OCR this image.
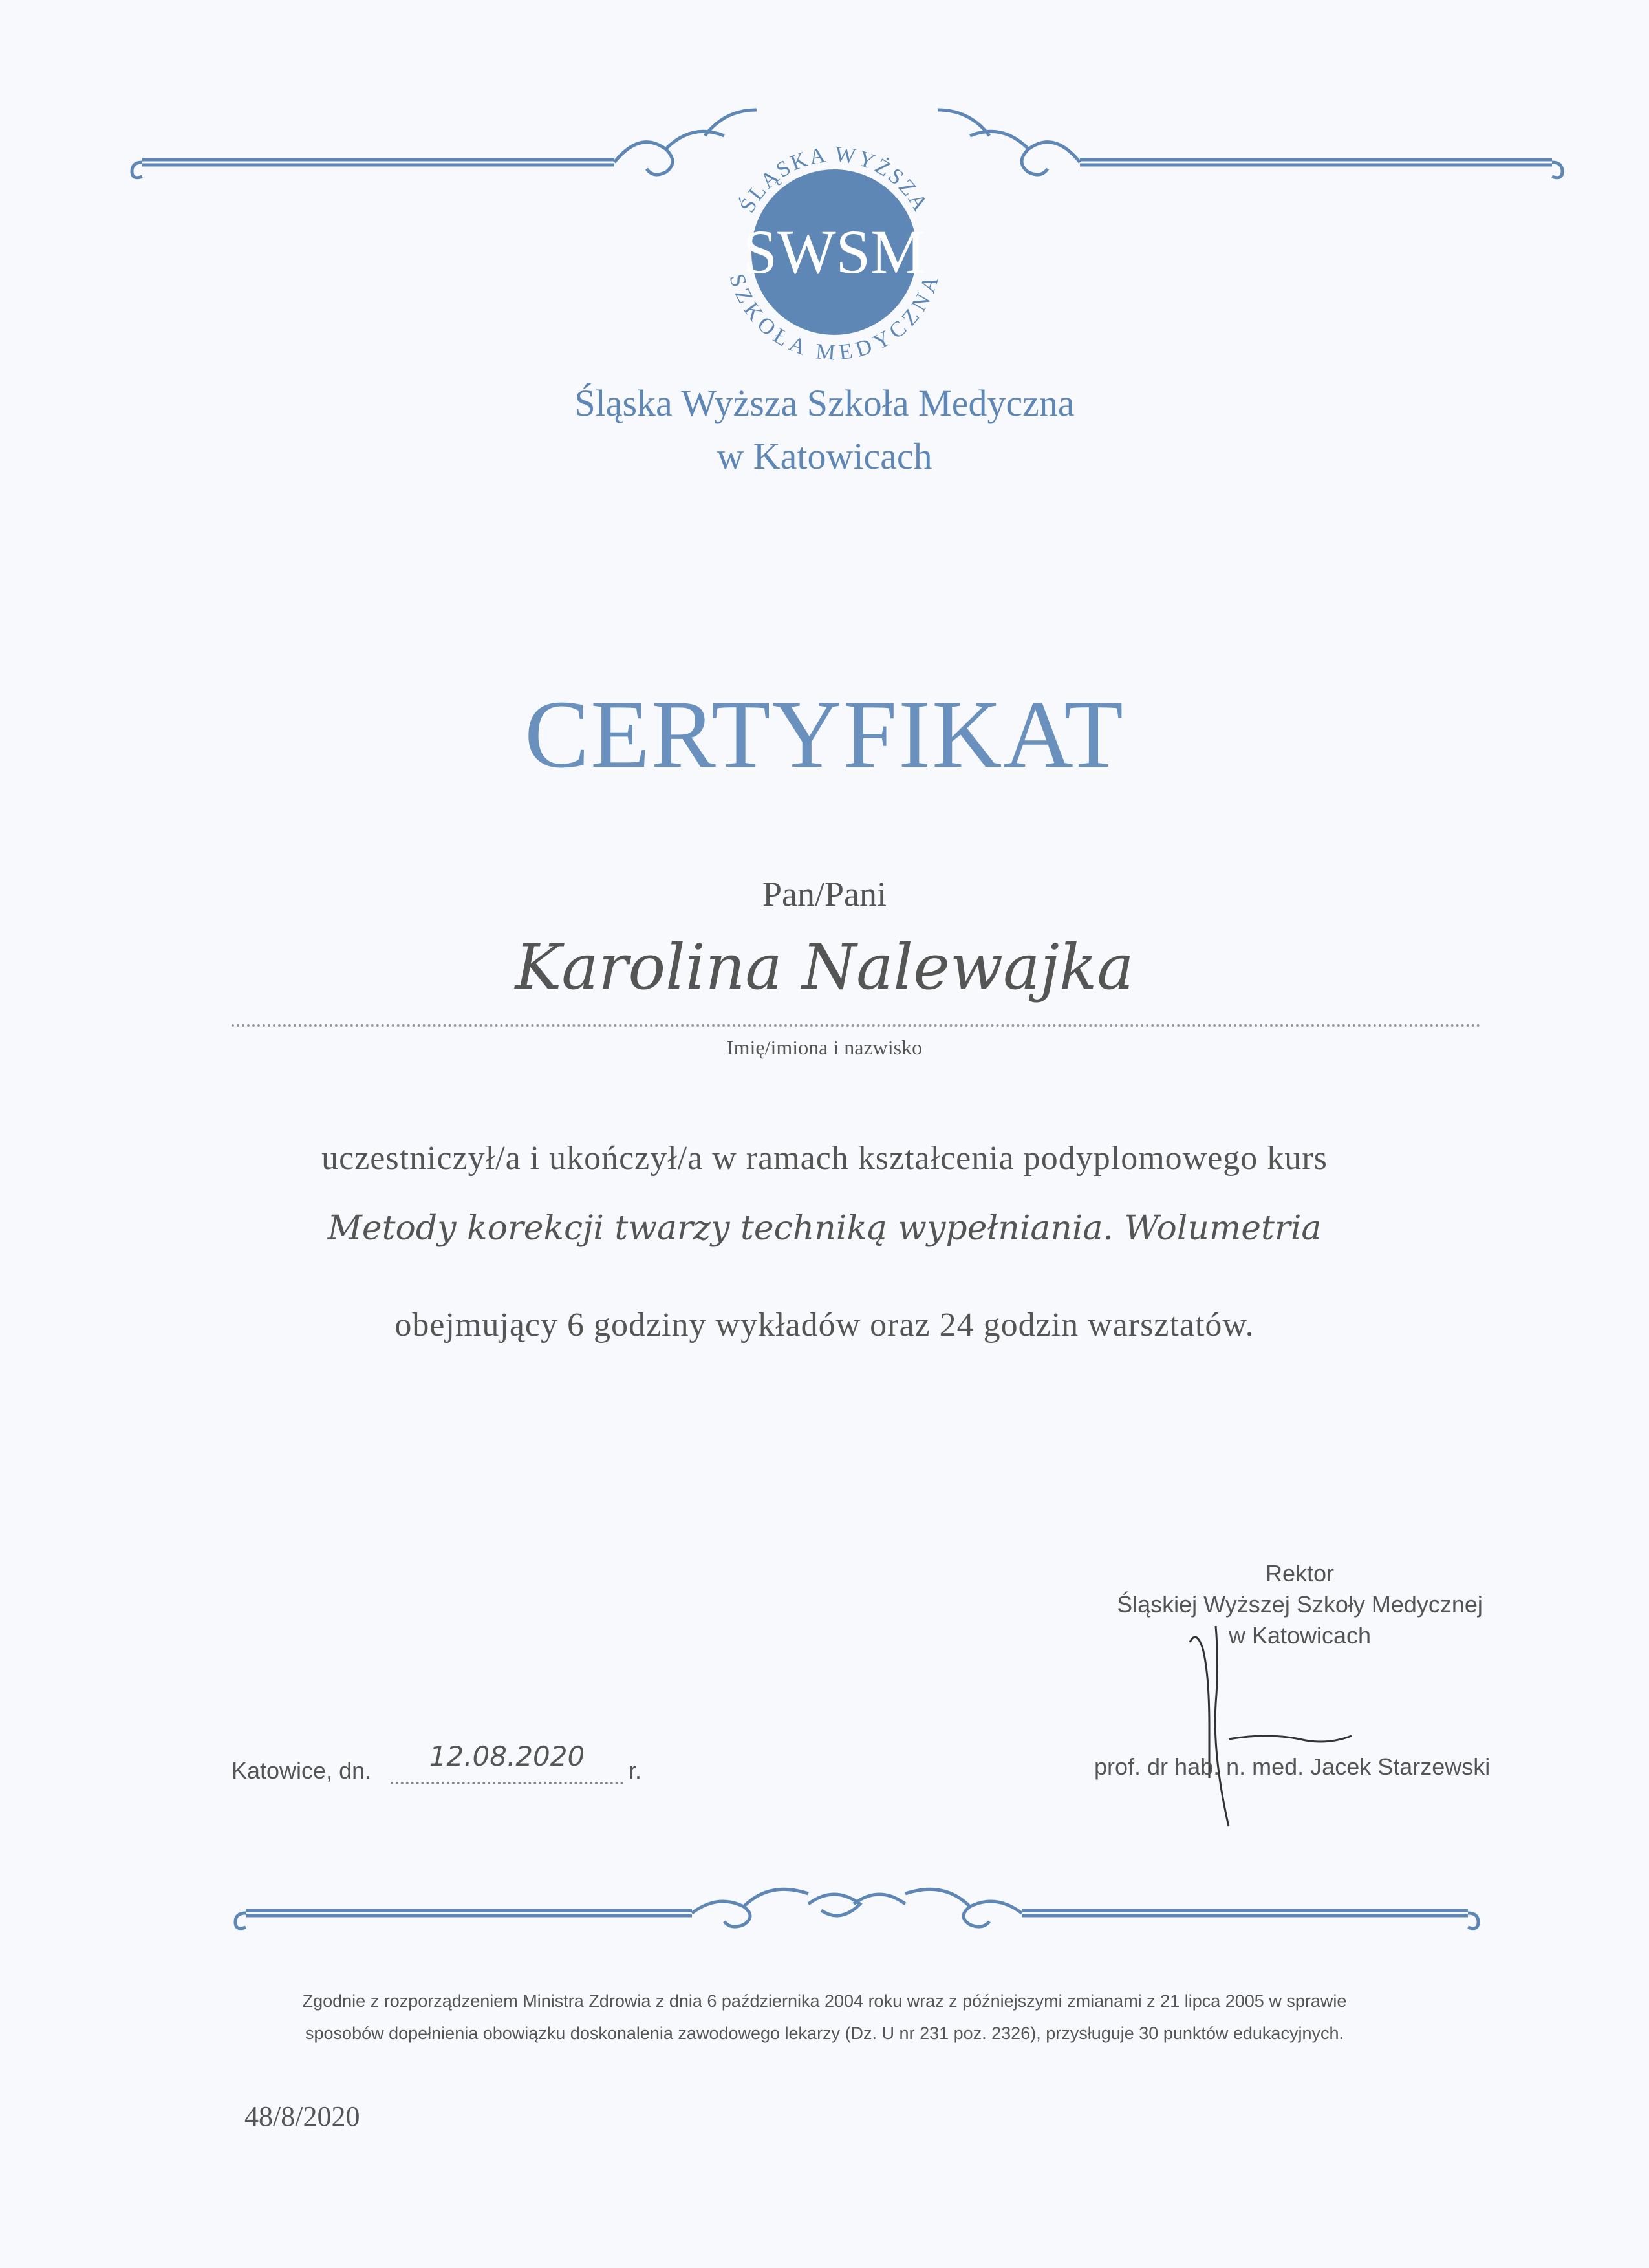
ŚLĄSKA WYŻSZA
SZKOŁA MEDYCZNA
SWSM
Śląska Wyższa Szkoła Medyczna
w Katowicach
CERTYFIKAT
Pan/Pani
Karolina Nalewajka
Imię/imiona i nazwisko
uczestniczył/a i ukończył/a w ramach kształcenia podyplomowego kurs
Metody korekcji twarzy techniką wypełniania. Wolumetria
obejmujący 6 godziny wykładów oraz 24 godzin warsztatów.
Rektor
Śląskiej Wyższej Szkoły Medycznej
w Katowicach
prof. dr hab. n. med. Jacek Starzewski
Katowice, dn.	12.08.2020	r.
Zgodnie z rozporządzeniem Ministra Zdrowia z dnia 6 października 2004 roku wraz z późniejszymi zmianami z 21 lipca 2005 w sprawie
sposobów dopełnienia obowiązku doskonalenia zawodowego lekarzy (Dz. U nr 231 poz. 2326), przysługuje 30 punktów edukacyjnych.
48/8/2020
